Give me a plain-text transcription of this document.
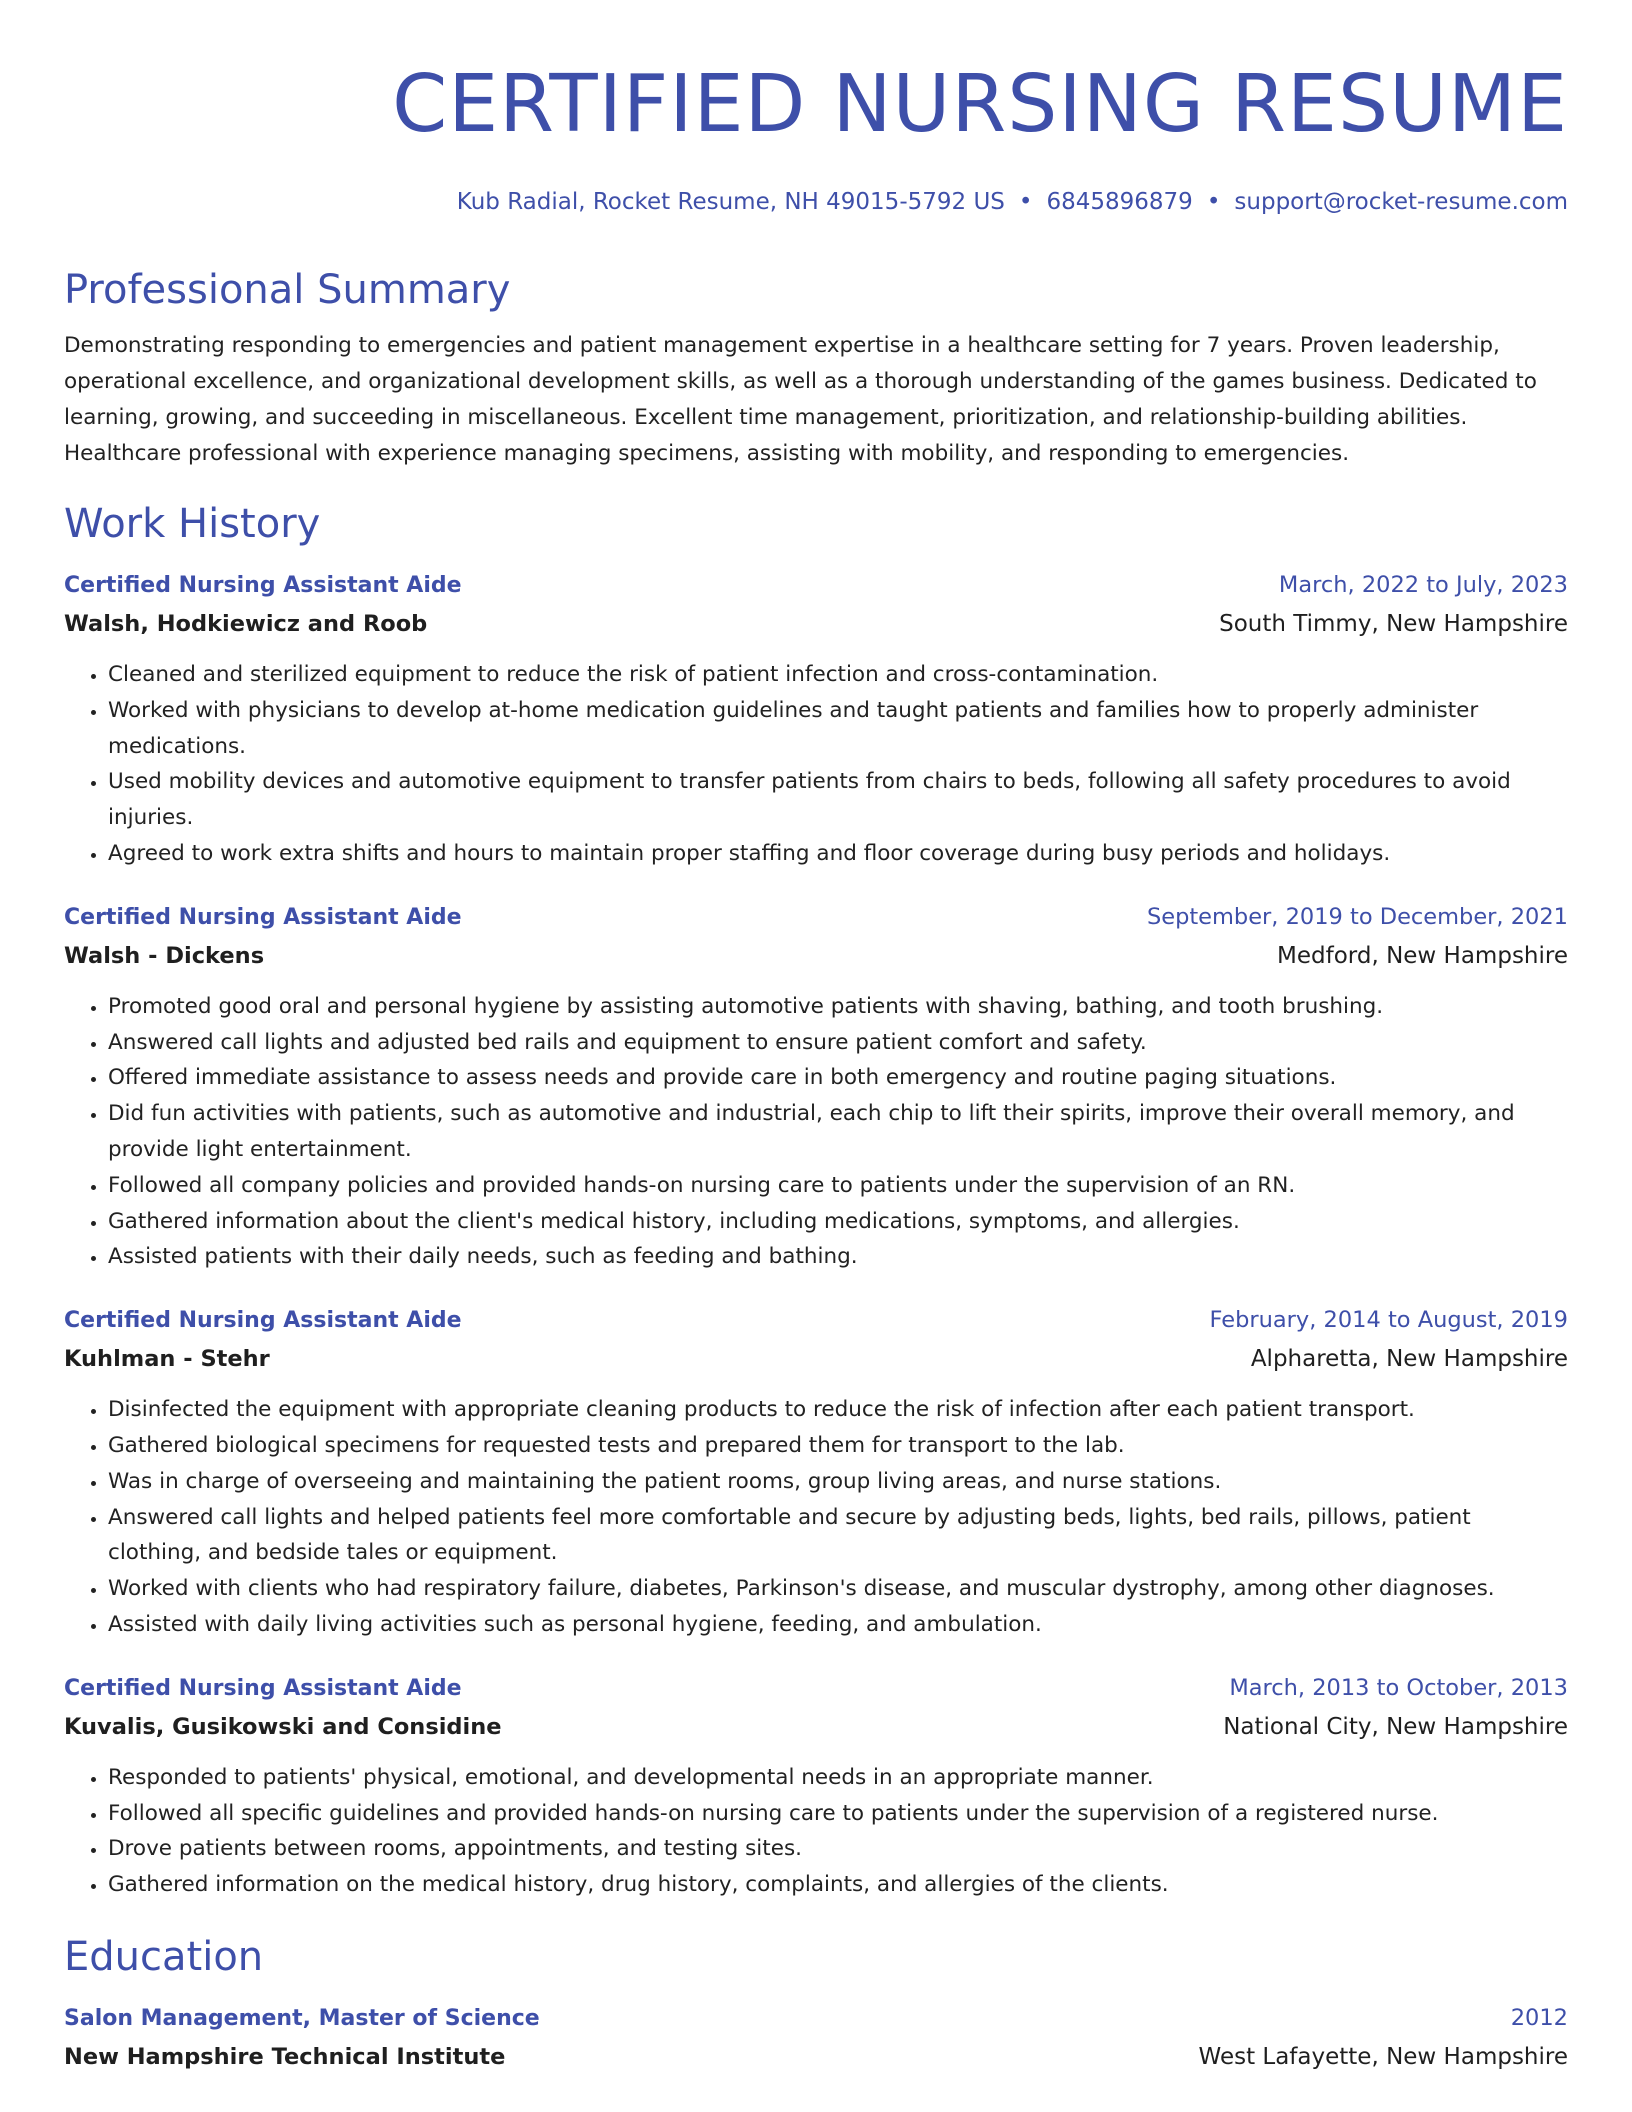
CERTIFIED NURSING RESUME
Kub Radial, Rocket Resume, NH 49015-5792 US • 6845896879 • support@rocket-resume.com
Professional Summary
Demonstrating responding to emergencies and patient management expertise in a healthcare setting for 7 years. Proven leadership, operational excellence, and organizational development skills, as well as a thorough understanding of the games business. Dedicated to learning, growing, and succeeding in miscellaneous. Excellent time management, prioritization, and relationship-building abilities. Healthcare professional with experience managing specimens, assisting with mobility, and responding to emergencies.
Work History
Certified Nursing Assistant Aide	March, 2022 to July, 2023
Walsh, Hodkiewicz and Roob	South Timmy, New Hampshire
• Cleaned and sterilized equipment to reduce the risk of patient infection and cross-contamination.
• Worked with physicians to develop at-home medication guidelines and taught patients and families how to properly administer medications.
• Used mobility devices and automotive equipment to transfer patients from chairs to beds, following all safety procedures to avoid injuries.
• Agreed to work extra shifts and hours to maintain proper staffing and floor coverage during busy periods and holidays.
Certified Nursing Assistant Aide	September, 2019 to December, 2021
Walsh - Dickens	Medford, New Hampshire
• Promoted good oral and personal hygiene by assisting automotive patients with shaving, bathing, and tooth brushing.
• Answered call lights and adjusted bed rails and equipment to ensure patient comfort and safety.
• Offered immediate assistance to assess needs and provide care in both emergency and routine paging situations.
• Did fun activities with patients, such as automotive and industrial, each chip to lift their spirits, improve their overall memory, and provide light entertainment.
• Followed all company policies and provided hands-on nursing care to patients under the supervision of an RN.
• Gathered information about the client's medical history, including medications, symptoms, and allergies.
• Assisted patients with their daily needs, such as feeding and bathing.
Certified Nursing Assistant Aide	February, 2014 to August, 2019
Kuhlman - Stehr	Alpharetta, New Hampshire
• Disinfected the equipment with appropriate cleaning products to reduce the risk of infection after each patient transport.
• Gathered biological specimens for requested tests and prepared them for transport to the lab.
• Was in charge of overseeing and maintaining the patient rooms, group living areas, and nurse stations.
• Answered call lights and helped patients feel more comfortable and secure by adjusting beds, lights, bed rails, pillows, patient clothing, and bedside tales or equipment.
• Worked with clients who had respiratory failure, diabetes, Parkinson's disease, and muscular dystrophy, among other diagnoses.
• Assisted with daily living activities such as personal hygiene, feeding, and ambulation.
Certified Nursing Assistant Aide	March, 2013 to October, 2013
Kuvalis, Gusikowski and Considine	National City, New Hampshire
• Responded to patients' physical, emotional, and developmental needs in an appropriate manner.
• Followed all specific guidelines and provided hands-on nursing care to patients under the supervision of a registered nurse.
• Drove patients between rooms, appointments, and testing sites.
• Gathered information on the medical history, drug history, complaints, and allergies of the clients.
Education
Salon Management, Master of Science	2012
New Hampshire Technical Institute	West Lafayette, New Hampshire
